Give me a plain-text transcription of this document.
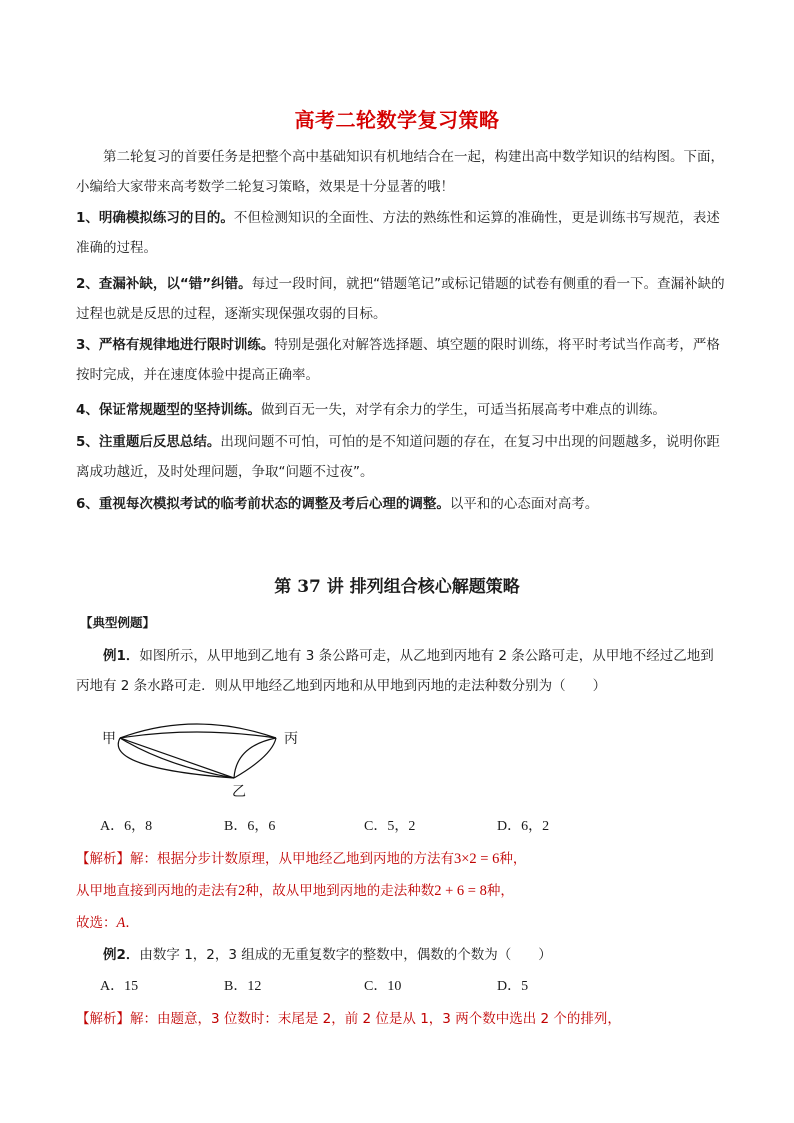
高考二轮数学复习策略
第二轮复习的首要任务是把整个高中基础知识有机地结合在一起，构建出高中数学知识的结构图。下面，小编给大家带来高考数学二轮复习策略，效果是十分显著的哦！
1、明确模拟练习的目的。不但检测知识的全面性、方法的熟练性和运算的准确性，更是训练书写规范，表述准确的过程。
2、查漏补缺，以“错”纠错。每过一段时间，就把“错题笔记”或标记错题的试卷有侧重的看一下。查漏补缺的过程也就是反思的过程，逐渐实现保强攻弱的目标。
3、严格有规律地进行限时训练。特别是强化对解答选择题、填空题的限时训练，将平时考试当作高考，严格按时完成，并在速度体验中提高正确率。
4、保证常规题型的坚持训练。做到百无一失，对学有余力的学生，可适当拓展高考中难点的训练。
5、注重题后反思总结。出现问题不可怕，可怕的是不知道问题的存在，在复习中出现的问题越多，说明你距离成功越近，及时处理问题，争取“问题不过夜”。
6、重视每次模拟考试的临考前状态的调整及考后心理的调整。以平和的心态面对高考。
第 37 讲 排列组合核心解题策略
【典型例题】
例1．如图所示，从甲地到乙地有 3 条公路可走，从乙地到丙地有 2 条公路可走，从甲地不经过乙地到丙地有 2 条水路可走．则从甲地经乙地到丙地和从甲地到丙地的走法种数分别为（　　）
甲	丙
乙
A．6，8	B．6，6	C．5，2	D．6，2
【解析】解：根据分步计数原理，从甲地经乙地到丙地的方法有3×2 = 6种，
从甲地直接到丙地的走法有2种，故从甲地到丙地的走法种数2 + 6 = 8种，
故选：A．
例2．由数字 1，2，3 组成的无重复数字的整数中，偶数的个数为（　　）
A．15	B．12	C．10	D．5
【解析】解：由题意，3 位数时：末尾是 2，前 2 位是从 1，3 两个数中选出 2 个的排列，
